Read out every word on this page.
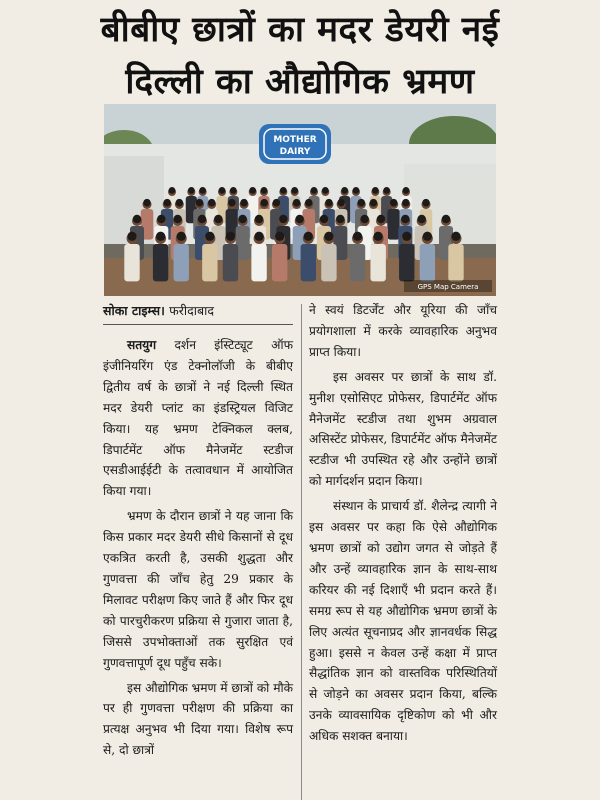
बीबीए छात्रों का मदर डेयरी नई
दिल्ली का औद्योगिक भ्रमण
MOTHER
DAIRY
GPS Map Camera
सोका टाइम्स। फरीदाबाद

सतयुग दर्शन इंस्टिट्यूट ऑफ इंजीनियरिंग एंड टेक्नोलॉजी के बीबीए द्वितीय वर्ष के छात्रों ने नई दिल्ली स्थित मदर डेयरी प्लांट का इंडस्ट्रियल विजिट किया। यह भ्रमण टेक्निकल क्लब, डिपार्टमेंट ऑफ मैनेजमेंट स्टडीज एसडीआईईटी के तत्वावधान में आयोजित किया गया।

भ्रमण के दौरान छात्रों ने यह जाना कि किस प्रकार मदर डेयरी सीधे किसानों से दूध एकत्रित करती है, उसकी शुद्धता और गुणवत्ता की जाँच हेतु 29 प्रकार के मिलावट परीक्षण किए जाते हैं और फिर दूध को पारचुरीकरण प्रक्रिया से गुजारा जाता है, जिससे उपभोक्ताओं तक सुरक्षित एवं गुणवत्तापूर्ण दूध पहुँच सके।

इस औद्योगिक भ्रमण में छात्रों को मौके पर ही गुणवत्ता परीक्षण की प्रक्रिया का प्रत्यक्ष अनुभव भी दिया गया। विशेष रूप से, दो छात्रों

ने स्वयं डिटर्जेंट और यूरिया की जाँच प्रयोगशाला में करके व्यावहारिक अनुभव प्राप्त किया।

इस अवसर पर छात्रों के साथ डॉ. मुनीश एसोसिएट प्रोफेसर, डिपार्टमेंट ऑफ मैनेजमेंट स्टडीज तथा शुभम अग्रवाल असिस्टेंट प्रोफेसर, डिपार्टमेंट ऑफ मैनेजमेंट स्टडीज भी उपस्थित रहे और उन्होंने छात्रों को मार्गदर्शन प्रदान किया।

संस्थान के प्राचार्य डॉ. शैलेन्द्र त्यागी ने इस अवसर पर कहा कि ऐसे औद्योगिक भ्रमण छात्रों को उद्योग जगत से जोड़ते हैं और उन्हें व्यावहारिक ज्ञान के साथ-साथ करियर की नई दिशाएँ भी प्रदान करते हैं। समग्र रूप से यह औद्योगिक भ्रमण छात्रों के लिए अत्यंत सूचनाप्रद और ज्ञानवर्धक सिद्ध हुआ। इससे न केवल उन्हें कक्षा में प्राप्त सैद्धांतिक ज्ञान को वास्तविक परिस्थितियों से जोड़ने का अवसर प्रदान किया, बल्कि उनके व्यावसायिक दृष्टिकोण को भी और अधिक सशक्त बनाया।
